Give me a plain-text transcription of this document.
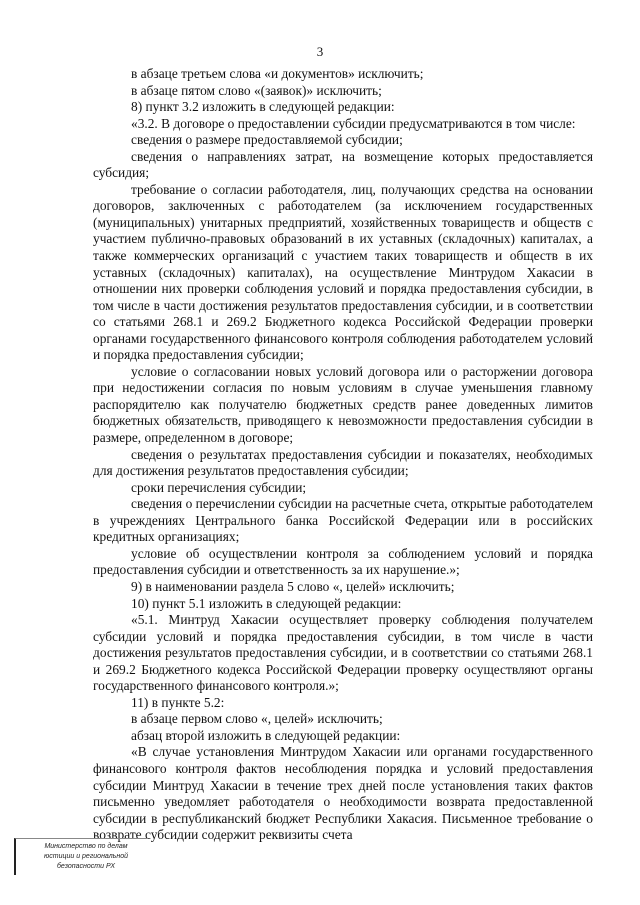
3

в абзаце третьем слова «и документов» исключить;

в абзаце пятом слово «(заявок)» исключить;

8) пункт 3.2 изложить в следующей редакции:

«3.2. В договоре о предоставлении субсидии предусматриваются в том числе:

сведения о размере предоставляемой субсидии;

сведения о направлениях затрат, на возмещение которых предоставляется субсидия;

требование о согласии работодателя, лиц, получающих средства на основании договоров, заключенных с работодателем (за исключением государственных (муниципальных) унитарных предприятий, хозяйственных товариществ и обществ с участием публично-правовых образований в их уставных (складочных) капиталах, а также коммерческих организаций с участием таких товариществ и обществ в их уставных (складочных) капиталах), на осуществление Минтрудом Хакасии в отношении них проверки соблюдения условий и порядка предоставления субсидии, в том числе в части достижения результатов предоставления субсидии, и в соответствии со статьями 268.1 и 269.2 Бюджетного кодекса Российской Федерации проверки органами государственного финансового контроля соблюдения работодателем условий и порядка предоставления субсидии;

условие о согласовании новых условий договора или о расторжении договора при недостижении согласия по новым условиям в случае уменьшения главному распорядителю как получателю бюджетных средств ранее доведенных лимитов бюджетных обязательств, приводящего к невозможности предоставления субсидии в размере, определенном в договоре;

сведения о результатах предоставления субсидии и показателях, необходимых для достижения результатов предоставления субсидии;

сроки перечисления субсидии;

сведения о перечислении субсидии на расчетные счета, открытые работодателем в учреждениях Центрального банка Российской Федерации или в российских кредитных организациях;

условие об осуществлении контроля за соблюдением условий и порядка предоставления субсидии и ответственность за их нарушение.»;

9) в наименовании раздела 5 слово «, целей» исключить;

10) пункт 5.1 изложить в следующей редакции:

«5.1. Минтруд Хакасии осуществляет проверку соблюдения получателем субсидии условий и порядка предоставления субсидии, в том числе в части достижения результатов предоставления субсидии, и в соответствии со статьями 268.1 и 269.2 Бюджетного кодекса Российской Федерации проверку осуществляют органы государственного финансового контроля.»;

11) в пункте 5.2:

в абзаце первом слово «, целей» исключить;

абзац второй изложить в следующей редакции:

«В случае установления Минтрудом Хакасии или органами государственного финансового контроля фактов несоблюдения порядка и условий предоставления субсидии Минтруд Хакасии в течение трех дней после установления таких фактов письменно уведомляет работодателя о необходимости возврата предоставленной субсидии в республиканский бюджет Республики Хакасия. Письменное требование о возврате субсидии содержит реквизиты счета

Министерство по делам
юстиции и региональной
безопасности РХ
